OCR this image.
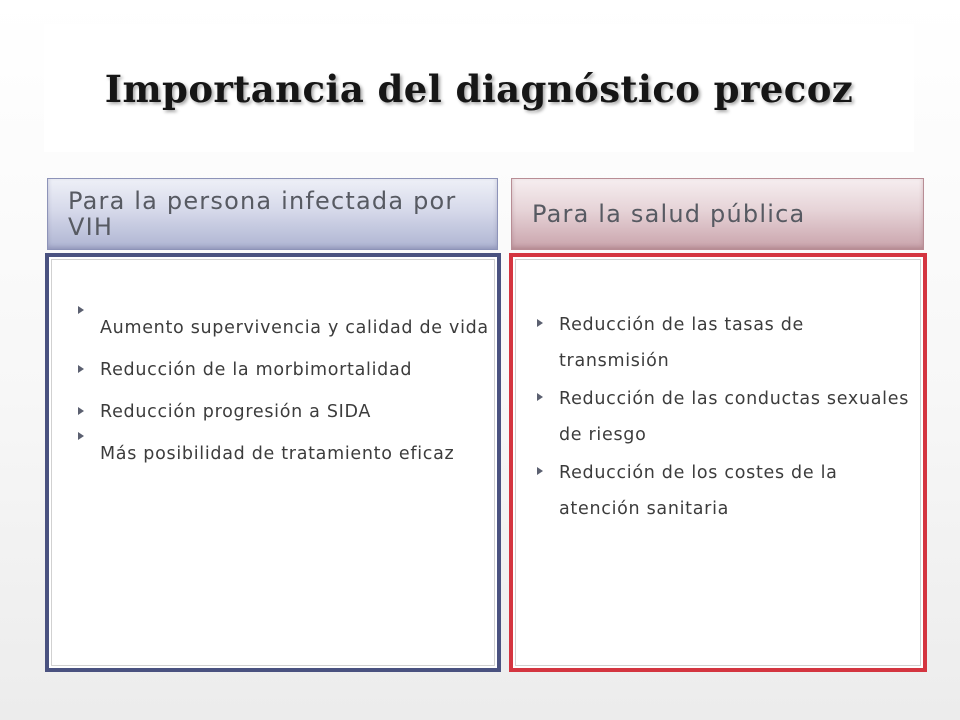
Importancia del diagnóstico precoz
Para la persona infectada por VIH	Para la salud pública
Aumento supervivencia y calidad de vida
Reducción de la morbimortalidad
Reducción progresión a SIDA
Más posibilidad de tratamiento eficaz
Reducción de las tasas de transmisión
Reducción de las conductas sexuales de riesgo
Reducción de los costes de la atención sanitaria
